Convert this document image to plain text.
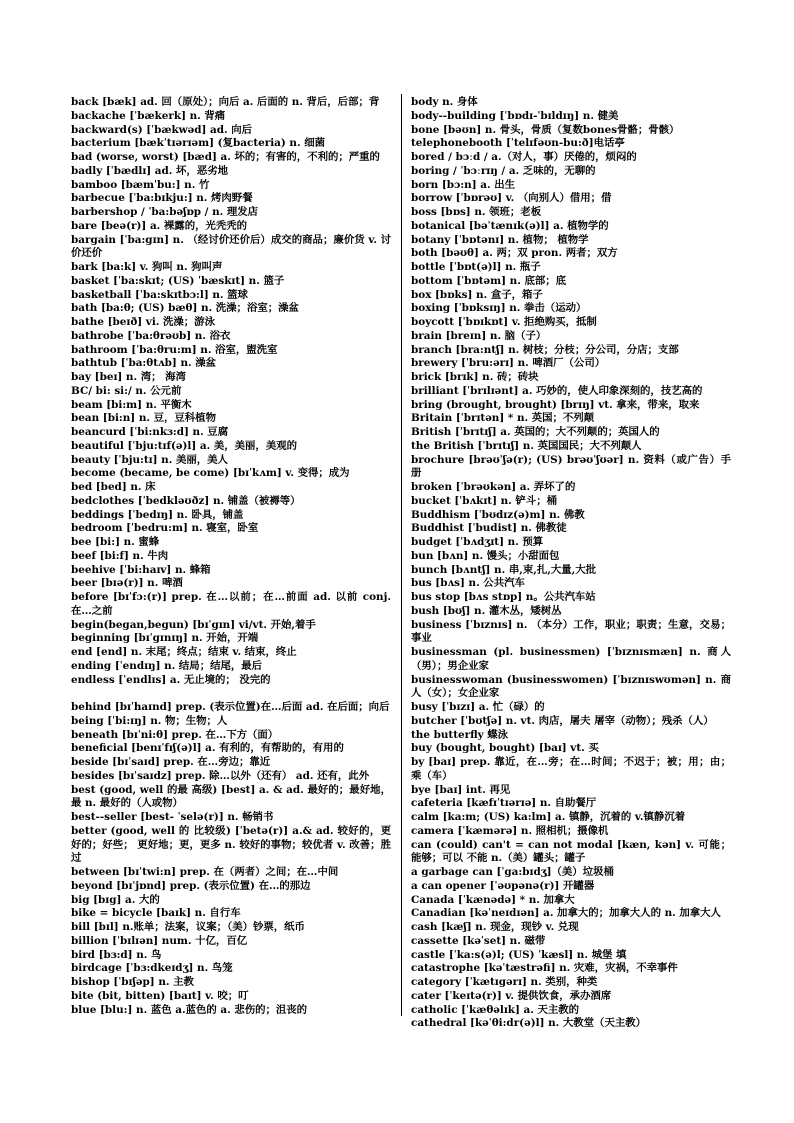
back [bæk] ad. 回（原处）；向后 a. 后面的 n. 背后，后部；背

backache [ˈbækerk] n. 背痛

backward(s) [ˈbækwəd] ad. 向后

bacterium [bækˈtɪərɪəm] (复bacteria) n. 细菌

bad (worse, worst) [bæd] a. 坏的；有害的，不利的；严重的

badly [ˈbædlɪ] ad. 坏，恶劣地

bamboo [bæmˈbu:] n. 竹

barbecue [ˈba:bɪkju:] n. 烤肉野餐

barbershop / ˈba:bəʃɒp / n. 理发店

bare [beə(r)] a. 裸露的，光秃秃的

bargain [ˈba:gɪn] n. （经讨价还价后）成交的商品；廉价货 v. 讨价还价

bark [ba:k] v. 狗叫 n. 狗叫声

basket [ˈba:skɪt; (US) ˈbæskɪt] n. 篮子

basketball [ˈba:skɪtbɔ:l] n. 篮球

bath [ba:θ; (US) bæθ] n. 洗澡；浴室；澡盆

bathe [beɪð] vi. 洗澡；游泳

bathrobe [ˈba:θrəʊb] n. 浴衣

bathroom [ˈba:θru:m] n. 浴室，盥洗室

bathtub [ˈba:θtʌb] n. 澡盆

bay [beɪ] n. 湾； 海湾

BC/ bi: si:/ n. 公元前

beam [bi:m] n. 平衡木

bean [bi:n] n. 豆，豆科植物

beancurd [ˈbi:nkɜ:d] n. 豆腐

beautiful [ˈbju:tɪf(ə)l] a. 美，美丽，美观的

beauty [ˈbju:tɪ] n. 美丽，美人

become (became, be come) [bɪˈkʌm] v. 变得；成为

bed [bed] n. 床

bedclothes [ˈbedkləʊðz] n. 铺盖（被褥等）

beddings [ˈbedɪŋ] n. 卧具，铺盖

bedroom [ˈbedru:m] n. 寝室，卧室

bee [bi:] n. 蜜蜂

beef [bi:f] n. 牛肉

beehive [ˈbi:haɪv] n. 蜂箱

beer [bɪə(r)] n. 啤酒

before [bɪˈfɔ:(r)] prep. 在…以前；在…前面 ad. 以前 conj. 在…之前

begin(began,begun) [bɪˈgɪn] vi/vt. 开始,着手

beginning [bɪˈgɪnɪŋ] n. 开始，开端

end [end] n. 末尾；终点；结束 v. 结束，终止

ending [ˈendɪŋ] n. 结局；结尾，最后

endless [ˈendlɪs] a. 无止境的； 没完的

behind [bɪˈhaɪnd] prep. (表示位置)在…后面 ad. 在后面；向后

being [ˈbi:ɪŋ] n. 物；生物；人

beneath [bɪˈni:θ] prep. 在…下方（面）

beneficial [benɪˈfɪʃ(ə)l] a. 有利的，有帮助的，有用的

beside [bɪˈsaɪd] prep. 在…旁边；靠近

besides [bɪˈsaɪdz] prep. 除…以外（还有） ad. 还有，此外

best (good, well 的最 高级) [best] a. & ad. 最好的；最好地，最 n. 最好的（人或物）

best--seller [best- ˈselə(r)] n. 畅销书

better (good, well 的 比较级) [ˈbetə(r)] a.& ad. 较好的，更好的；好些； 更好地；更，更多 n. 较好的事物；较优者 v. 改善；胜过

between [bɪˈtwi:n] prep. 在（两者）之间；在…中间

beyond [bɪˈjɒnd] prep. (表示位置) 在…的那边

big [bɪg] a. 大的

bike = bicycle [baɪk] n. 自行车

bill [bɪl] n.账单；法案，议案；（美）钞票，纸币

billion [ˈbɪlɪən] num. 十亿，百亿

bird [bɜ:d] n. 鸟

birdcage [ˈbɜ:dkeɪdʒ] n. 鸟笼

bishop [ˈbɪʃəp] n. 主教

bite (bit, bitten) [baɪt] v. 咬；叮

blue [blu:] n. 蓝色 a.蓝色的 a. 悲伤的；沮丧的

body n. 身体

body--building [ˈbɒdɪ-ˈbɪldɪŋ] n. 健美

bone [bəʊn] n. 骨头，骨质（复数bones骨骼；骨骸）

telephonebooth [ˈtelɪfəʊn-bu:ð]电话亭

bored / bɔːd / a.（对人，事）厌倦的，烦闷的

boring / ˈbɔːrɪŋ / a. 乏味的，无聊的

born [bɔ:n] a. 出生

borrow [ˈbɒrəʊ] v. （向别人）借用；借

boss [bɒs] n. 领班；老板

botanical [bəˈtænɪk(ə)l] a. 植物学的

botany [ˈbɒtənɪ] n. 植物； 植物学

both [bəʊθ] a. 两；双 pron. 两者；双方

bottle [ˈbɒt(ə)l] n. 瓶子

bottom [ˈbɒtəm] n. 底部；底

box [bɒks] n. 盒子，箱子

boxing [ˈbɒksɪŋ] n. 拳击（运动）

boycott [ˈbɒɪkɒt] v. 拒绝购买，抵制

brain [breɪn] n. 脑（子）

branch [bra:ntʃ] n. 树枝；分枝；分公司，分店；支部

brewery [ˈbru:ərɪ] n. 啤酒厂（公司）

brick [brɪk] n. 砖；砖块

brilliant [ˈbrɪlɪənt] a. 巧妙的，使人印象深刻的，技艺高的

bring (brought, brought) [brɪŋ] vt. 拿来，带来，取来

Britain [ˈbrɪtən] * n. 英国；不列颠

British [ˈbrɪtɪʃ] a. 英国的；大不列颠的；英国人的

the British [ˈbrɪtɪʃ] n. 英国国民；大不列颠人

brochure [brəʊˈʃə(r); (US) brəʊˈʃʊər] n. 资料（或广告）手册

broken [ˈbrəʊkən] a. 弄坏了的

bucket [ˈbʌkɪt] n. 铲斗；桶

Buddhism [ˈbʊdɪz(ə)m] n. 佛教

Buddhist [ˈbudist] n. 佛教徒

budget [ˈbʌdʒɪt] n. 预算

bun [bʌn] n. 馒头；小甜面包

bunch [bʌntʃ] n. 串,束,扎,大量,大批

bus [bʌs] n. 公共汽车

bus stop [bʌs stɒp] n。公共汽车站

bush [bʊʃ] n. 灌木丛，矮树丛

business [ˈbɪznɪs] n. （本分）工作，职业；职责；生意，交易；事业

businessman (pl. businessmen) [ˈbɪznɪsmæn] n. 商人（男）；男企业家

businesswoman (businesswomen) [ˈbɪznɪswʊmən] n. 商人（女）；女企业家

busy [ˈbɪzɪ] a. 忙（碌）的

butcher [ˈbʊtʃə] n. vt. 肉店，屠夫 屠宰（动物）；残杀（人）

the butterfly 蝶泳

buy (bought, bought) [baɪ] vt. 买

by [baɪ] prep. 靠近，在…旁；在…时间；不迟于；被；用；由；乘（车）

bye [baɪ] int. 再见

cafeteria [kæfɪˈtɪərɪə] n. 自助餐厅

calm [ka:m; (US) ka:lm] a. 镇静，沉着的 v.镇静沉着

camera [ˈkæmərə] n. 照相机；摄像机

can (could) can't = can not modal [kæn, kən] v. 可能；能够；可以 不能 n.（美）罐头；罐子

a garbage can [ˈga:bɪdʒ]（美）垃圾桶

a can opener [ˈəʊpənə(r)] 开罐器

Canada [ˈkænədə] * n. 加拿大

Canadian [kəˈneɪdɪən] a. 加拿大的；加拿大人的 n. 加拿大人

cash [kæʃ] n. 现金，现钞 v. 兑现

cassette [kəˈset] n. 磁带

castle [ˈka:s(ə)l; (US) ˈkæsl] n. 城堡 填

catastrophe [kəˈtæstrəfi] n. 灾难，灾祸，不幸事件

category [ˈkætɪgərɪ] n. 类别，种类

cater [ˈkeɪtə(r)] v. 提供饮食，承办酒席

catholic [ˈkæθəlɪk] a. 天主教的

cathedral [kəˈθi:dr(ə)l] n. 大教堂（天主教）
